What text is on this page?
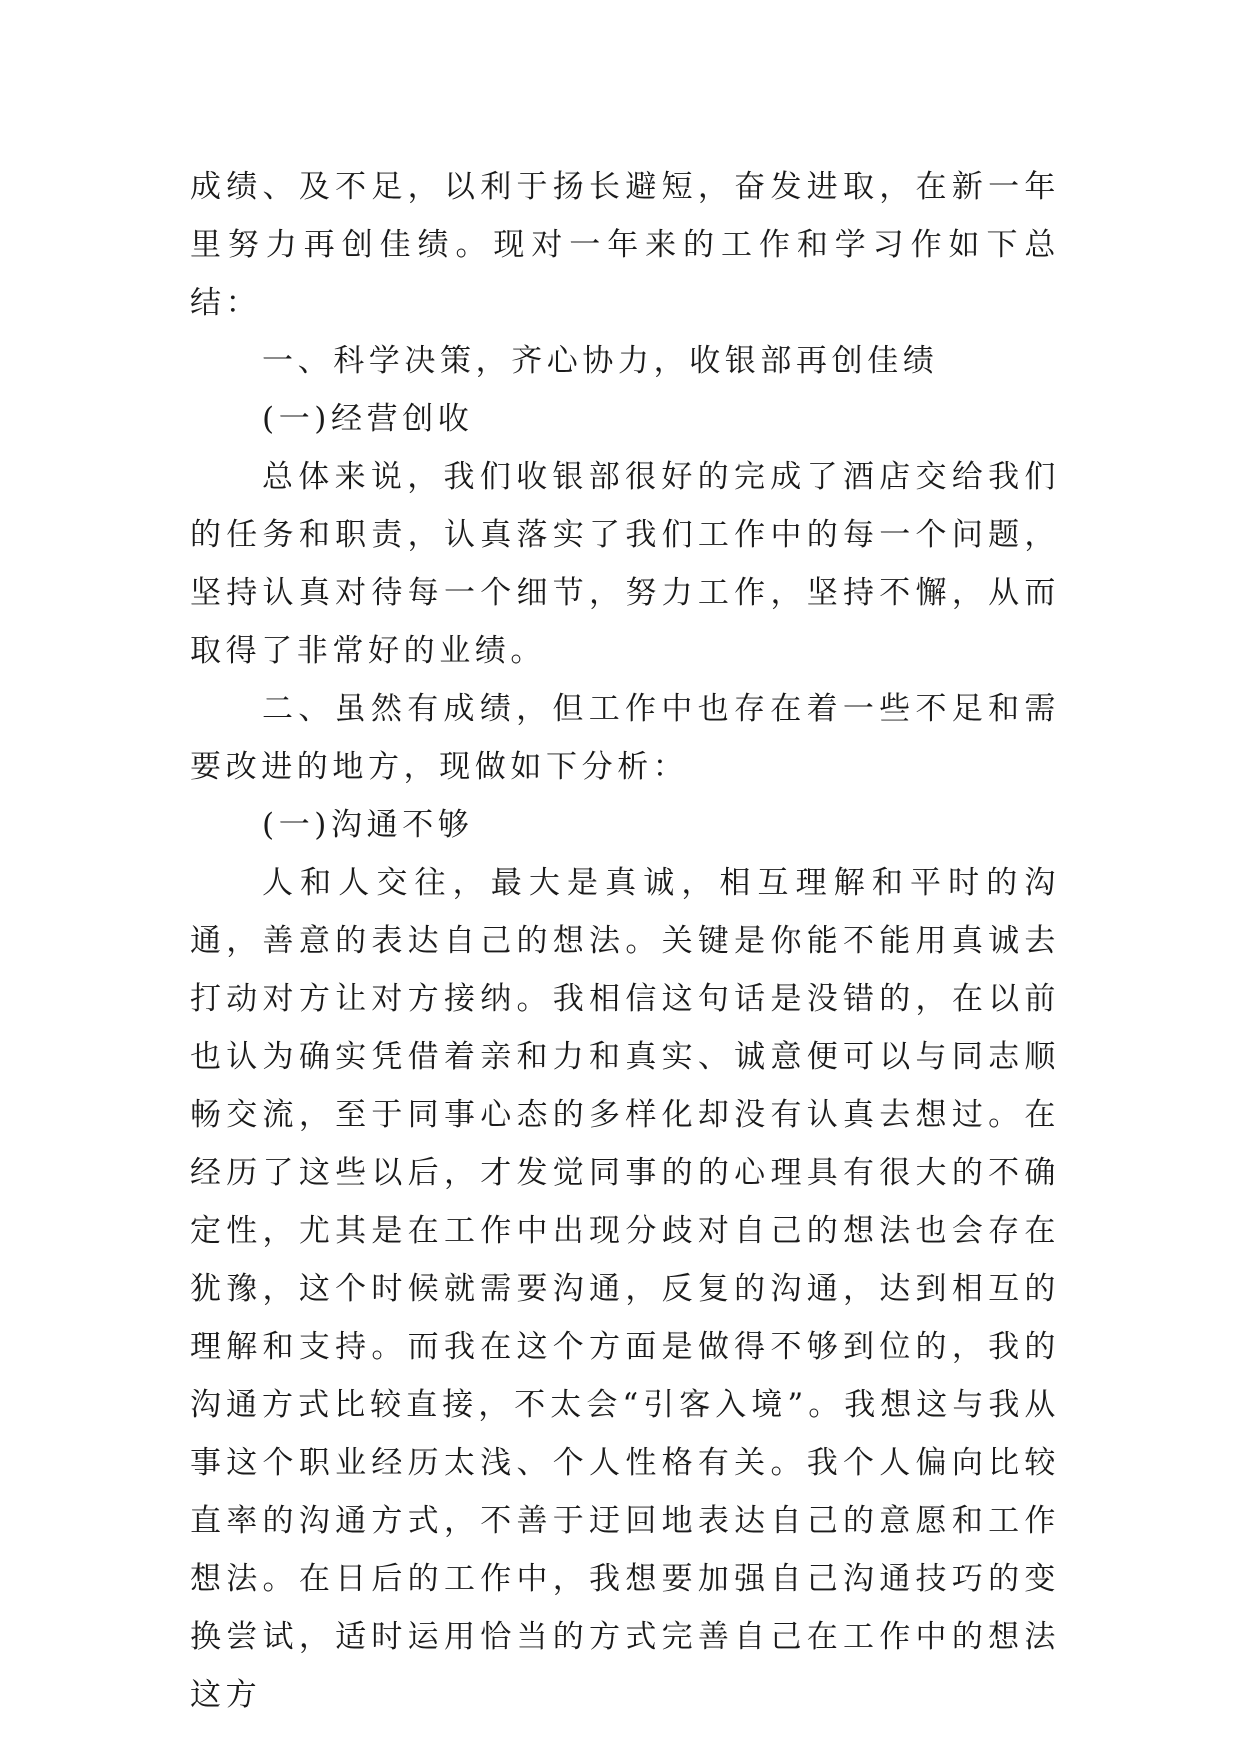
成绩、及不足，以利于扬长避短，奋发进取，在新一年里努力再创佳绩。现对一年来的工作和学习作如下总结：

一、科学决策，齐心协力，收银部再创佳绩

(一)经营创收

总体来说，我们收银部很好的完成了酒店交给我们的任务和职责，认真落实了我们工作中的每一个问题，坚持认真对待每一个细节，努力工作，坚持不懈，从而取得了非常好的业绩。

二、虽然有成绩，但工作中也存在着一些不足和需要改进的地方，现做如下分析：

(一)沟通不够

人和人交往，最大是真诚，相互理解和平时的沟通，善意的表达自己的想法。关键是你能不能用真诚去打动对方让对方接纳。我相信这句话是没错的，在以前也认为确实凭借着亲和力和真实、诚意便可以与同志顺畅交流，至于同事心态的多样化却没有认真去想过。在经历了这些以后，才发觉同事的的心理具有很大的不确定性，尤其是在工作中出现分歧对自己的想法也会存在犹豫，这个时候就需要沟通，反复的沟通，达到相互的理解和支持。而我在这个方面是做得不够到位的，我的沟通方式比较直接，不太会“引客入境”。我想这与我从事这个职业经历太浅、个人性格有关。我个人偏向比较直率的沟通方式，不善于迂回地表达自己的意愿和工作想法。在日后的工作中，我想要加强自己沟通技巧的变换尝试，适时运用恰当的方式完善自己在工作中的想法这方
